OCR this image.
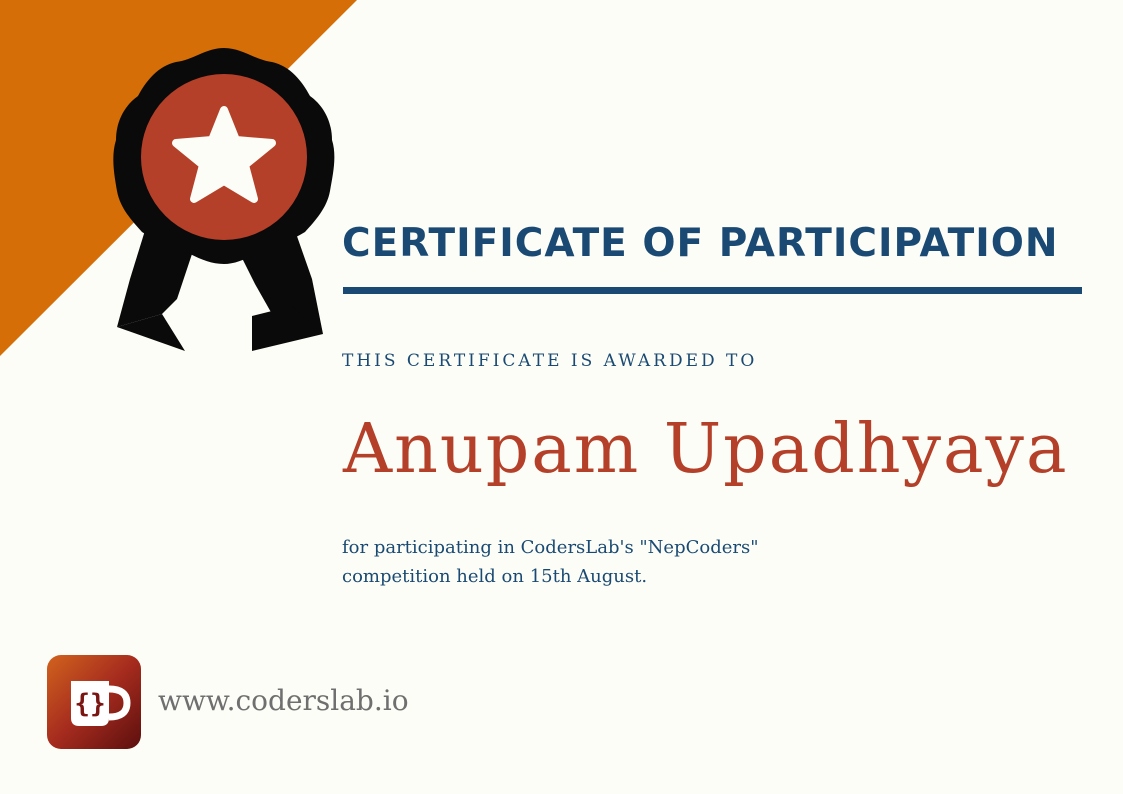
CERTIFICATE OF PARTICIPATION
THIS CERTIFICATE IS AWARDED TO
Anupam Upadhyaya
for participating in CodersLab's "NepCoders"
competition held on 15th August.
{} www.coderslab.io
